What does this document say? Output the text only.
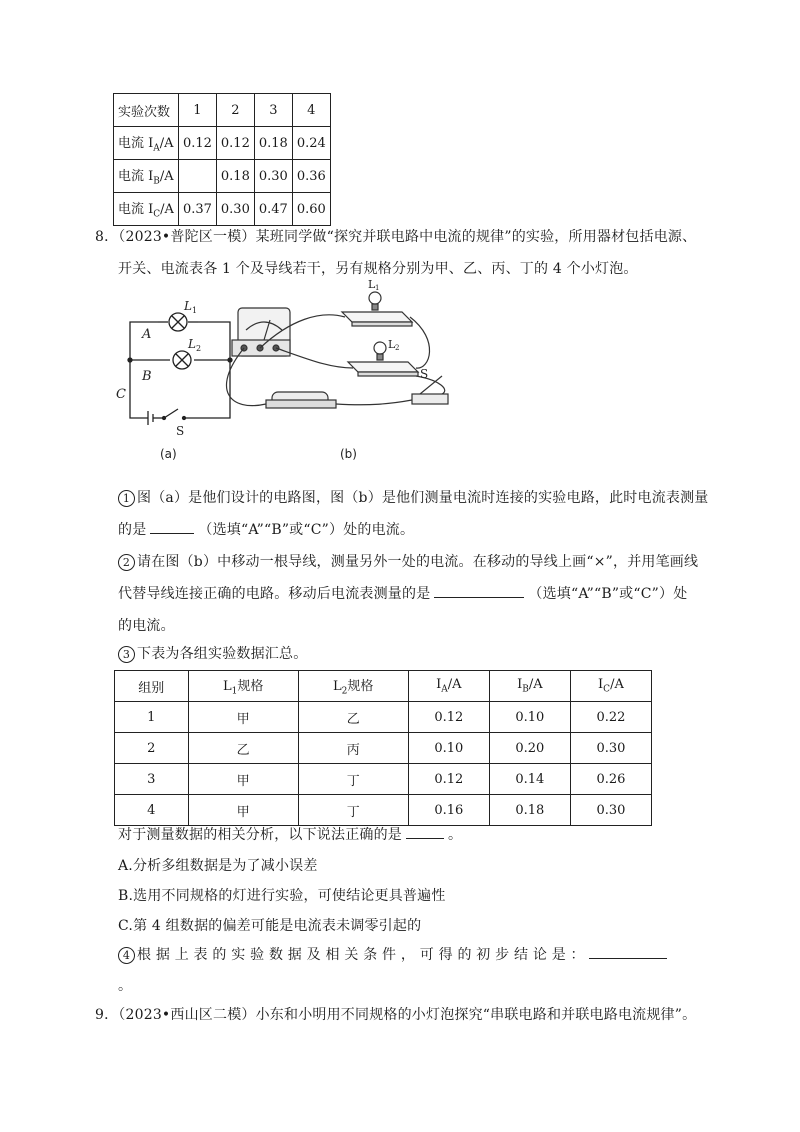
实验次数	1	2	3	4
电流 $I_A/A$	0.12	0.12	0.18	0.24
电流 $I_B/A$		0.18	0.30	0.36
电流 $I_C/A$	0.37	0.30	0.47	0.60
8．（2023•普陀区一模）某班同学做“探究并联电路中电流的规律”的实验，所用器材包括电源、
开关、电流表各 1 个及导线若干，另有规格分别为甲、乙、丙、丁的 4 个小灯泡。
L 1
L 2
A
B
C
S
(a)
L 1
L 2
S
(b)
1 图（a）是他们设计的电路图，图（b）是他们测量电流时连接的实验电路，此时电流表测量
的是	（选填“A”“B”或“C”）处的电流。
2 请在图（b）中移动一根导线，测量另外一处的电流。在移动的导线上画“×”，并用笔画线
代替导线连接正确的电路。移动后电流表测量的是	（选填“A”“B”或“C”）处
的电流。
3 下表为各组实验数据汇总。
组别	$L_1$规格	$L_2$规格	$I_A/A$	$I_B/A$	$I_C/A$
1	甲	乙	0.12	0.10	0.22
2	乙	丙	0.10	0.20	0.30
3	甲	丁	0.12	0.14	0.26
4	甲	丁	0.16	0.18	0.30
对于测量数据的相关分析，以下说法正确的是	。
A.分析多组数据是为了减小误差
B.选用不同规格的灯进行实验，可使结论更具普遍性
C.第 4 组数据的偏差可能是电流表未调零引起的
4 根 据 上 表 的 实 验 数 据 及 相 关 条 件 ， 可 得 的 初 步 结 论 是 ：
。
9．（2023•西山区二模）小东和小明用不同规格的小灯泡探究“串联电路和并联电路电流规律”。
